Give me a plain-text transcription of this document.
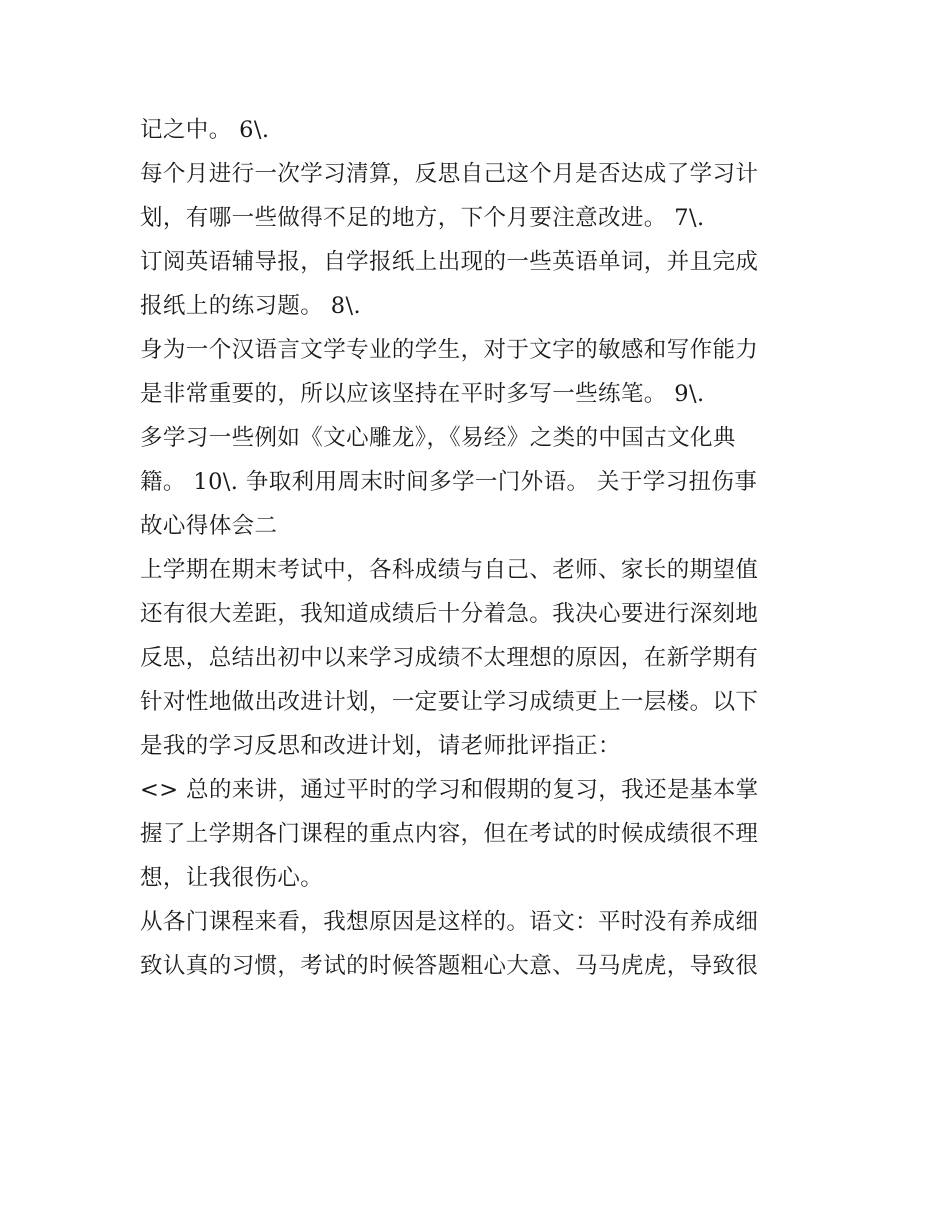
记之中。 6\.
每个月进行一次学习清算，反思自己这个月是否达成了学习计
划，有哪一些做得不足的地方，下个月要注意改进。 7\.
订阅英语辅导报，自学报纸上出现的一些英语单词，并且完成
报纸上的练习题。 8\.
身为一个汉语言文学专业的学生，对于文字的敏感和写作能力
是非常重要的，所以应该坚持在平时多写一些练笔。 9\.
多学习一些例如《文心雕龙》，《易经》之类的中国古文化典
籍。 10\. 争取利用周末时间多学一门外语。 关于学习扭伤事
故心得体会二
上学期在期末考试中，各科成绩与自己、老师、家长的期望值
还有很大差距，我知道成绩后十分着急。我决心要进行深刻地
反思，总结出初中以来学习成绩不太理想的原因，在新学期有
针对性地做出改进计划，一定要让学习成绩更上一层楼。以下
是我的学习反思和改进计划，请老师批评指正：
<> 总的来讲，通过平时的学习和假期的复习，我还是基本掌
握了上学期各门课程的重点内容，但在考试的时候成绩很不理
想，让我很伤心。
从各门课程来看，我想原因是这样的。语文：平时没有养成细
致认真的习惯，考试的时候答题粗心大意、马马虎虎，导致很
